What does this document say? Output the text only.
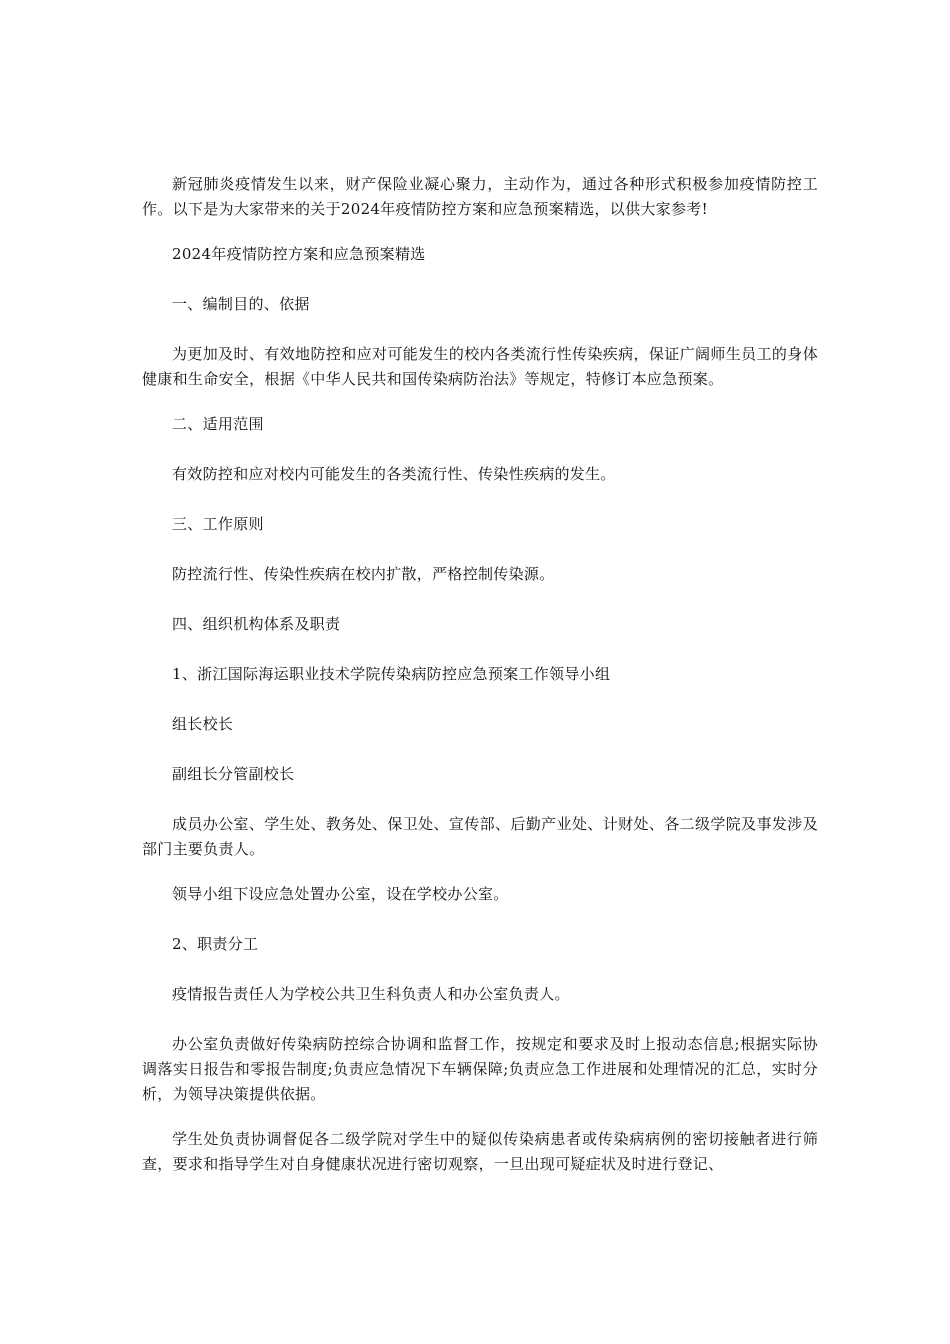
新冠肺炎疫情发生以来，财产保险业凝心聚力，主动作为，通过各种形式积极参加疫情防控工作。以下是为大家带来的关于2024年疫情防控方案和应急预案精选，以供大家参考!

2024年疫情防控方案和应急预案精选

一、编制目的、依据

为更加及时、有效地防控和应对可能发生的校内各类流行性传染疾病，保证广阔师生员工的身体健康和生命安全，根据《中华人民共和国传染病防治法》等规定，特修订本应急预案。

二、适用范围

有效防控和应对校内可能发生的各类流行性、传染性疾病的发生。

三、工作原则

防控流行性、传染性疾病在校内扩散，严格控制传染源。

四、组织机构体系及职责

1、浙江国际海运职业技术学院传染病防控应急预案工作领导小组

组长校长

副组长分管副校长

成员办公室、学生处、教务处、保卫处、宣传部、后勤产业处、计财处、各二级学院及事发涉及部门主要负责人。

领导小组下设应急处置办公室，设在学校办公室。

2、职责分工

疫情报告责任人为学校公共卫生科负责人和办公室负责人。

办公室负责做好传染病防控综合协调和监督工作，按规定和要求及时上报动态信息;根据实际协调落实日报告和零报告制度;负责应急情况下车辆保障;负责应急工作进展和处理情况的汇总，实时分析，为领导决策提供依据。

学生处负责协调督促各二级学院对学生中的疑似传染病患者或传染病病例的密切接触者进行筛查，要求和指导学生对自身健康状况进行密切观察，一旦出现可疑症状及时进行登记、
